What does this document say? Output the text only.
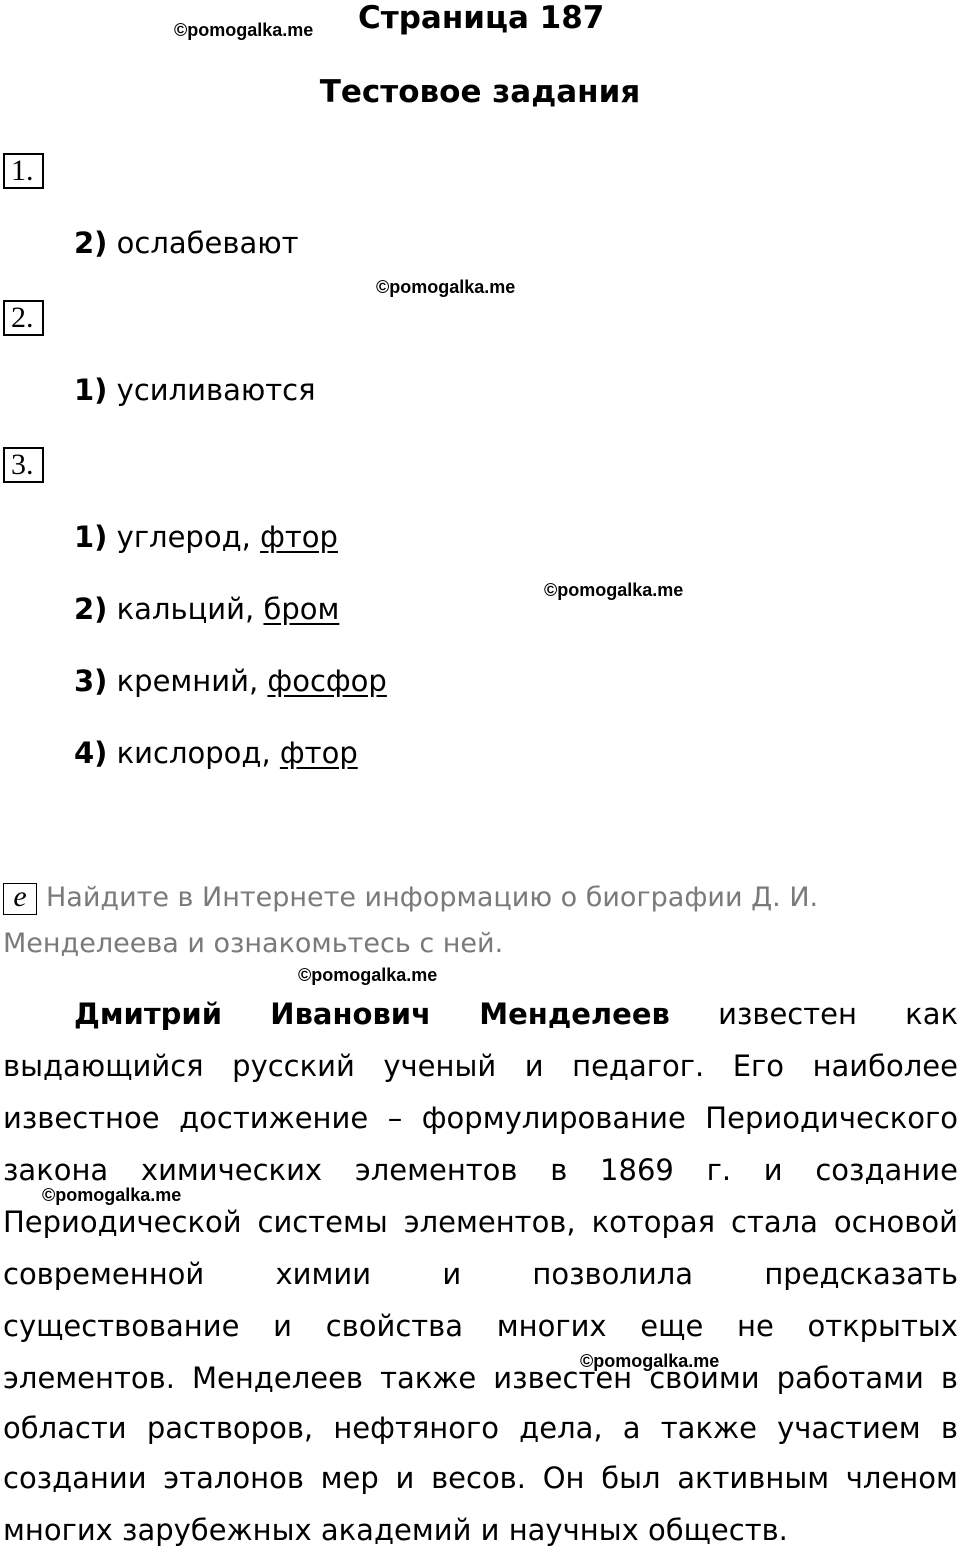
Страница 187
Тестовое задания
©pomogalka.me
©pomogalka.me
©pomogalka.me
©pomogalka.me
©pomogalka.me
©pomogalka.me
1.
2) ослабевают
2.
1) усиливаются
3.
1) углерод, фтор
2) кальций, бром
3) кремний, фосфор
4) кислород, фтор
e Найдите в Интернете информацию о биографии Д. И.
Менделеева и ознакомьтесь с ней.
Дмитрий Иванович Менделеев известен как
выдающийся русский ученый и педагог. Его наиболее
известное достижение – формулирование Периодического
закона химических элементов в 1869 г. и создание
Периодической системы элементов, которая стала основой
современной химии и позволила предсказать
существование и свойства многих еще не открытых
элементов. Менделеев также известен своими работами в
области растворов, нефтяного дела, а также участием в
создании эталонов мер и весов. Он был активным членом
многих зарубежных академий и научных обществ.
